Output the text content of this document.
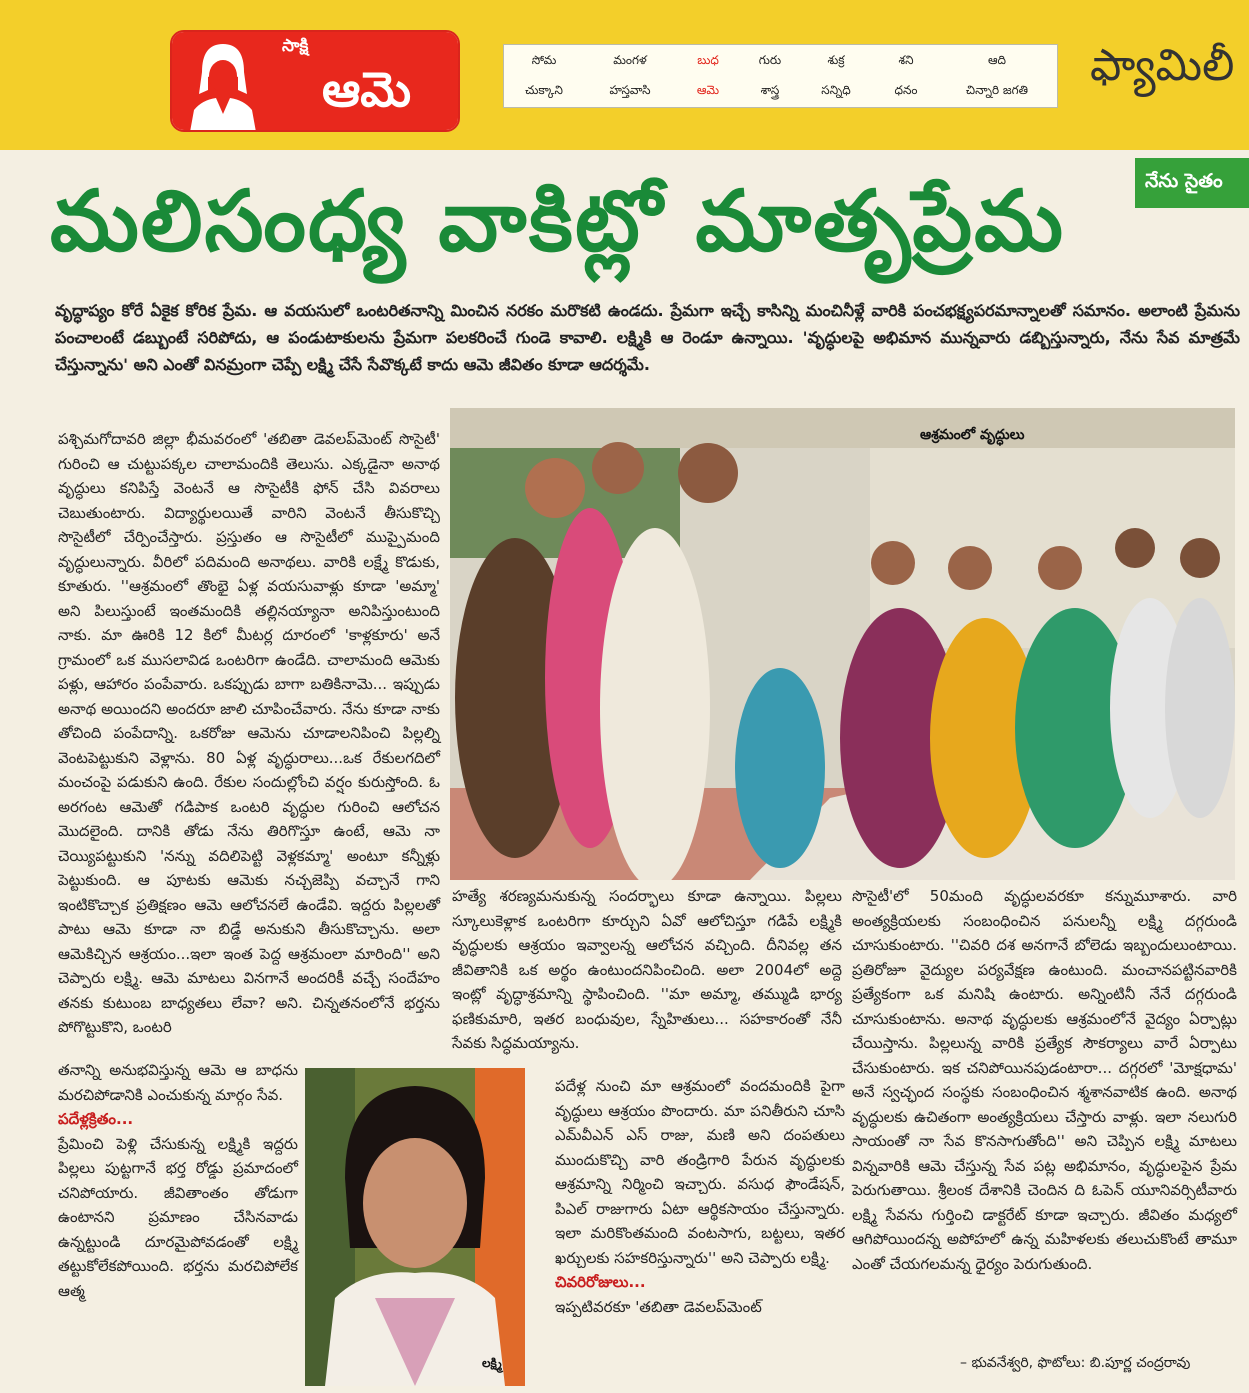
సాక్షి
ఆమె
సోమ
చుక్కాని
మంగళ
హస్తవాసి
బుధ
ఆమె
గురు
శాస్త్ర
శుక్ర
సన్నిధి
శని
ధనం
ఆది
చిన్నారి జగతి	ఫ్యామిలీ
నేను సైతం
మలిసంధ్య వాకిట్లో మాతృప్రేమ
వృద్ధాప్యం కోరే ఏకైక కోరిక ప్రేమ. ఆ వయసులో ఒంటరితనాన్ని మించిన నరకం మరొకటి ఉండదు. ప్రేమగా ఇచ్చే కాసిన్ని మంచినీళ్లే వారికి పంచభక్ష్యపరమాన్నాలతో సమానం. అలాంటి ప్రేమను పంచాలంటే డబ్బుంటే సరిపోదు, ఆ పండుటాకులను ప్రేమగా పలకరించే గుండె కావాలి. లక్ష్మికి ఆ రెండూ ఉన్నాయి. 'వృద్ధులపై అభిమాన మున్నవారు డబ్బిస్తున్నారు, నేను సేవ మాత్రమే చేస్తున్నాను' అని ఎంతో వినమ్రంగా చెప్పే లక్ష్మి చేసే సేవొక్కటే కాదు ఆమె జీవితం కూడా ఆదర్శమే.
ఆశ్రమంలో వృద్ధులు
పశ్చిమగోదావరి జిల్లా భీమవరంలో 'తబితా డెవలప్‌మెంట్ సొసైటీ' గురించి ఆ చుట్టుపక్కల చాలామందికి తెలుసు. ఎక్కడైనా అనాథ వృద్ధులు కనిపిస్తే వెంటనే ఆ సొసైటీకి ఫోన్ చేసి వివరాలు చెబుతుంటారు. విద్యార్థులయితే వారిని వెంటనే తీసుకొచ్చి సొసైటీలో చేర్పించేస్తారు. ప్రస్తుతం ఆ సొసైటీలో ముప్పైమంది వృద్ధులున్నారు. వీరిలో పదిమంది అనాథలు. వారికి లక్ష్మే కొడుకు, కూతురు. ''ఆశ్రమంలో తొంభై ఏళ్ల వయసువాళ్లు కూడా 'అమ్మా' అని పిలుస్తుంటే ఇంతమందికి తల్లినయ్యానా అనిపిస్తుంటుంది నాకు. మా ఊరికి 12 కిలో మీటర్ల దూరంలో 'కాళ్లకూరు' అనే గ్రామంలో ఒక ముసలావిడ ఒంటరిగా ఉండేది. చాలామంది ఆమెకు పళ్లు, ఆహారం పంపేవారు. ఒకప్పుడు బాగా బతికినామె... ఇప్పుడు అనాథ అయిందని అందరూ జాలి చూపించేవారు. నేను కూడా నాకు తోచింది పంపేదాన్ని. ఒకరోజు ఆమెను చూడాలనిపించి పిల్లల్ని వెంటపెట్టుకుని వెళ్లాను. 80 ఏళ్ల వృద్ధురాలు...ఒక రేకులగదిలో మంచంపై పడుకుని ఉంది. రేకుల సందుల్లోంచి వర్షం కురుస్తోంది. ఓ అరగంట ఆమెతో గడిపాక ఒంటరి వృద్ధుల గురించి ఆలోచన మొదలైంది. దానికి తోడు నేను తిరిగొస్తూ ఉంటే, ఆమె నా చెయ్యిపట్టుకుని 'నన్ను వదిలిపెట్టి వెళ్లకమ్మా' అంటూ కన్నీళ్లు పెట్టుకుంది. ఆ పూటకు ఆమెకు నచ్చజెప్పి వచ్చానే గాని ఇంటికొచ్చాక ప్రతిక్షణం ఆమె ఆలోచనలే ఉండేవి. ఇద్దరు పిల్లలతో పాటు ఆమె కూడా నా బిడ్డే అనుకుని తీసుకొచ్చాను. అలా ఆమెకిచ్చిన ఆశ్రయం...ఇలా ఇంత పెద్ద ఆశ్రమంలా మారింది'' అని చెప్పారు లక్ష్మి. ఆమె మాటలు వినగానే అందరికీ వచ్చే సందేహం తనకు కుటుంబ బాధ్యతలు లేవా? అని. చిన్నతనంలోనే భర్తను పోగొట్టుకొని, ఒంటరి
తనాన్ని అనుభవిస్తున్న ఆమె ఆ బాధను మరచిపోడానికి ఎంచుకున్న మార్గం సేవ.
పదేళ్లక్రితం...
ప్రేమించి పెళ్లి చేసుకున్న లక్ష్మికి ఇద్దరు పిల్లలు పుట్టగానే భర్త రోడ్డు ప్రమాదంలో చనిపోయారు. జీవితాంతం తోడుగా ఉంటానని ప్రమాణం చేసినవాడు ఉన్నట్టుండి దూరమైపోవడంతో లక్ష్మి తట్టుకోలేకపోయింది. భర్తను మరచిపోలేక ఆత్మ
లక్ష్మి
హత్యే శరణ్యమనుకున్న సందర్భాలు కూడా ఉన్నాయి. పిల్లలు స్కూలుకెళ్లాక ఒంటరిగా కూర్చుని ఏవో ఆలోచిస్తూ గడిపే లక్ష్మికి వృద్ధులకు ఆశ్రయం ఇవ్వాలన్న ఆలోచన వచ్చింది. దీనివల్ల తన జీవితానికి ఒక అర్థం ఉంటుందనిపించింది. అలా 2004లో అద్దె ఇంట్లో వృద్ధాశ్రమాన్ని స్థాపించింది. ''మా అమ్మా, తమ్ముడి భార్య ఫణికుమారి, ఇతర బంధువుల, స్నేహితులు... సహకారంతో నేనీ సేవకు సిద్ధమయ్యాను.
పదేళ్ల నుంచి మా ఆశ్రమంలో వందమందికి పైగా వృద్ధులు ఆశ్రయం పొందారు. మా పనితీరుని చూసి ఎమ్‌వీఎన్ ఎస్ రాజు, మణి అని దంపతులు ముందుకొచ్చి వారి తండ్రిగారి పేరున వృద్ధులకు ఆశ్రమాన్ని నిర్మించి ఇచ్చారు. వసుధ ఫౌండేషన్, పిఎల్ రాజుగారు ఏటా ఆర్థికసాయం చేస్తున్నారు. ఇలా మరికొంతమంది వంటసాగు, బట్టలు, ఇతర ఖర్చులకు సహకరిస్తున్నారు'' అని చెప్పారు లక్ష్మి.
చివరిరోజులు...
ఇప్పటివరకూ 'తబితా డెవలప్‌మెంట్
సొసైటీ'లో 50మంది వృద్ధులవరకూ కన్నుమూశారు. వారి అంత్యక్రియలకు సంబంధించిన పనులన్నీ లక్ష్మి దగ్గరుండి చూసుకుంటారు. ''చివరి దశ అనగానే బోలెడు ఇబ్బందులుంటాయి. ప్రతిరోజూ వైద్యుల పర్యవేక్షణ ఉంటుంది. మంచానపట్టినవారికి ప్రత్యేకంగా ఒక మనిషి ఉంటారు. అన్నింటినీ నేనే దగ్గరుండి చూసుకుంటాను. అనాథ వృద్ధులకు ఆశ్రమంలోనే వైద్యం ఏర్పాట్లు చేయిస్తాను. పిల్లలున్న వారికి ప్రత్యేక సౌకర్యాలు వారే ఏర్పాటు చేసుకుంటారు. ఇక చనిపోయినపుడంటారా... దగ్గరలో 'మోక్షధామ' అనే స్వచ్ఛంద సంస్థకు సంబంధించిన శ్మశానవాటిక ఉంది. అనాథ వృద్ధులకు ఉచితంగా అంత్యక్రియలు చేస్తారు వాళ్లు. ఇలా నలుగురి సాయంతో నా సేవ కొనసాగుతోంది'' అని చెప్పిన లక్ష్మి మాటలు విన్నవారికి ఆమె చేస్తున్న సేవ పట్ల అభిమానం, వృద్ధులపైన ప్రేమ పెరుగుతాయి. శ్రీలంక దేశానికి చెందిన ది ఓపెన్ యూనివర్సిటీవారు లక్ష్మి సేవను గుర్తించి డాక్టరేట్ కూడా ఇచ్చారు. జీవితం మధ్యలో ఆగిపోయిందన్న అపోహలో ఉన్న మహిళలకు తలుచుకొంటే తామూ ఎంతో చేయగలమన్న ధైర్యం పెరుగుతుంది.
– భువనేశ్వరి, ఫొటోలు: బి.పూర్ణ చంద్రరావు
